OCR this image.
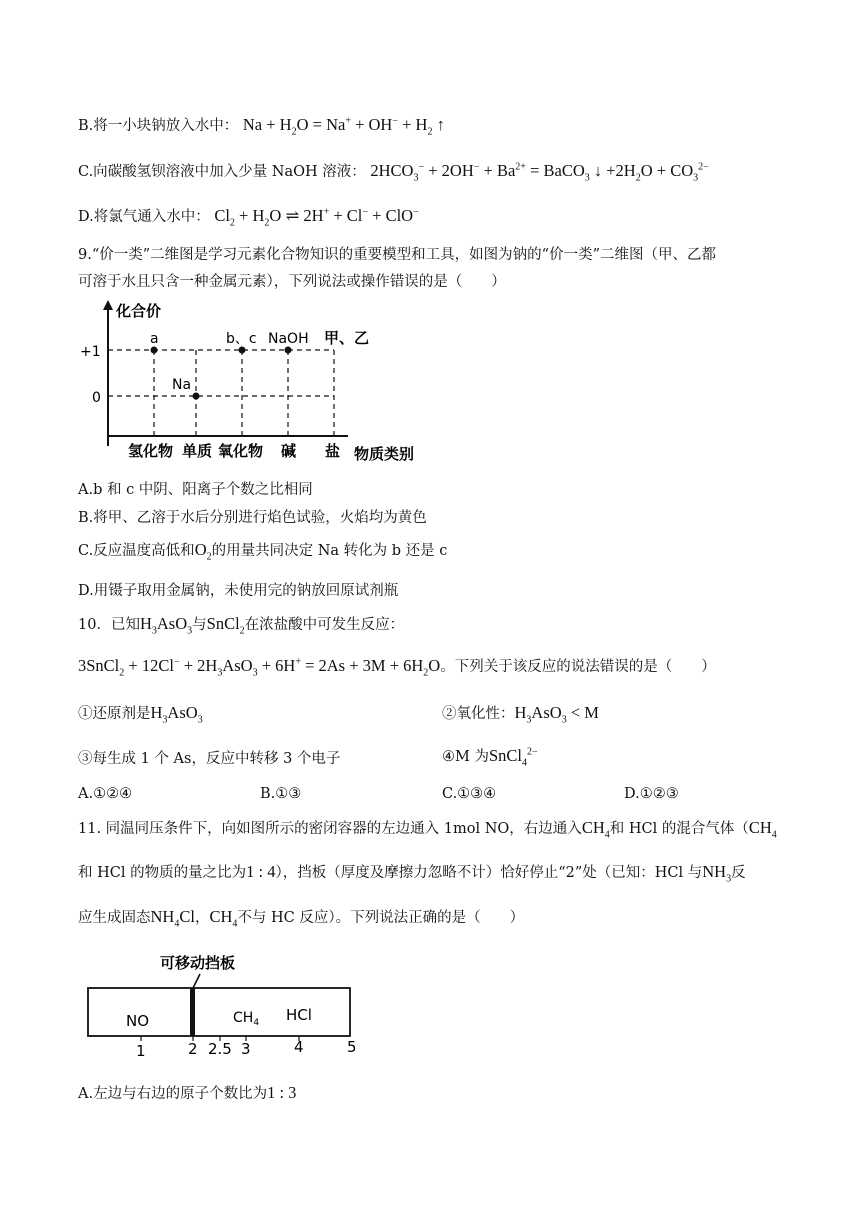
B.将一小块钠放入水中： $Na + H_2O = Na^+ + OH^- + H_2$ ↑
C.向碳酸氢钡溶液中加入少量 NaOH 溶液： $2HCO_3^- + 2OH^- + Ba^{2+}$ = BaCO$_3$ ↓ $+2H_2O + CO_3^{2-}$
D.将氯气通入水中： $Cl_2 + H_2O$ ⇌ 2H+ + Cl− + ClO−
9.“价一类”二维图是学习元素化合物知识的重要模型和工具，如图为钠的“价一类”二维图（甲、乙都
可溶于水且只含一种金属元素），下列说法或操作错误的是（　　）
化合价
+1
0
a
Na
b、c NaOH 甲、乙
氢化物 单质 氧化物 碱 盐 物质类别
A.b 和 c 中阴、阳离子个数之比相同
B.将甲、乙溶于水后分别进行焰色试验，火焰均为黄色
C.反应温度高低和$O_2$的用量共同决定 Na 转化为 b 还是 c
D.用镊子取用金属钠，未使用完的钠放回原试剂瓶
10．已知$H_3AsO_3$与SnCl$_2$在浓盐酸中可发生反应：
3SnCl$_2$ + $12Cl^- + 2H_3AsO_3 + 6H^+ = 2As + 3M + 6H_2O$。下列关于该反应的说法错误的是（　　）
①还原剂是$H_3AsO_3$	②氧化性：$H_3AsO_3 < M$
③每生成 1 个 As，反应中转移 3 个电子	④M 为SnCl$_4^{2-}$
A.①②④	B.①③	C.①③④	D.①②③
11. 同温同压条件下，向如图所示的密闭容器的左边通入 1mol NO，右边通入$CH_4$和 HCl 的混合气体（$CH_4$
和 HCl 的物质的量之比为1 : 4），挡板（厚度及摩擦力忽略不计）恰好停止“2”处（已知：HCl 与$NH_3$反
应生成固态$NH_4Cl$，$CH_4$不与 HC 反应）。下列说法正确的是（　　）
可移动挡板
NO	$CH_4$ HCl
1	2 2.5 3	4	5
A.左边与右边的原子个数比为1 : 3
